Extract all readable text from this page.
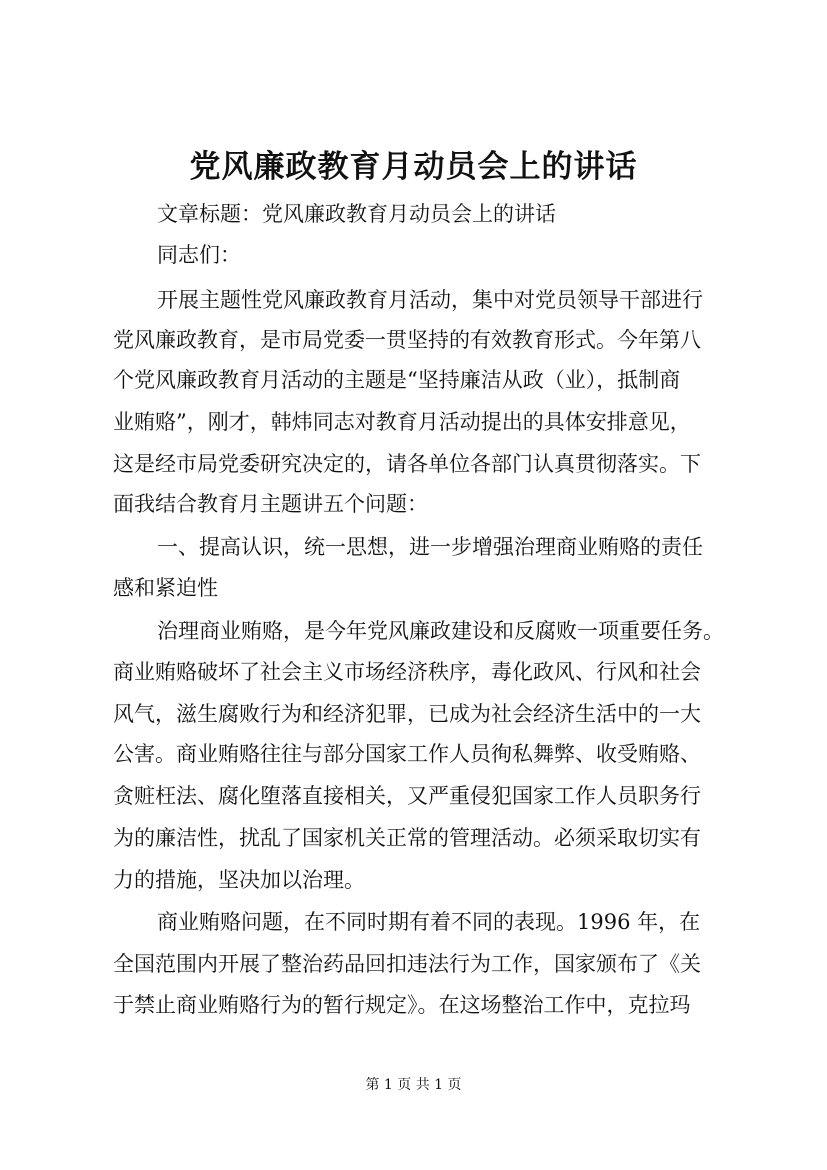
党风廉政教育月动员会上的讲话

文章标题：党风廉政教育月动员会上的讲话

同志们：

开展主题性党风廉政教育月活动，集中对党员领导干部进行

党风廉政教育，是市局党委一贯坚持的有效教育形式。今年第八

个党风廉政教育月活动的主题是“坚持廉洁从政（业），抵制商

业贿赂”，刚才，韩炜同志对教育月活动提出的具体安排意见，

这是经市局党委研究决定的，请各单位各部门认真贯彻落实。下

面我结合教育月主题讲五个问题：

一、提高认识，统一思想，进一步增强治理商业贿赂的责任

感和紧迫性

治理商业贿赂，是今年党风廉政建设和反腐败一项重要任务。

商业贿赂破坏了社会主义市场经济秩序，毒化政风、行风和社会

风气，滋生腐败行为和经济犯罪，已成为社会经济生活中的一大

公害。商业贿赂往往与部分国家工作人员徇私舞弊、收受贿赂、

贪赃枉法、腐化堕落直接相关，又严重侵犯国家工作人员职务行

为的廉洁性，扰乱了国家机关正常的管理活动。必须采取切实有

力的措施，坚决加以治理。

商业贿赂问题，在不同时期有着不同的表现。1996 年，在

全国范围内开展了整治药品回扣违法行为工作，国家颁布了《关

于禁止商业贿赂行为的暂行规定》。在这场整治工作中，克拉玛

第 1 页 共 1 页
